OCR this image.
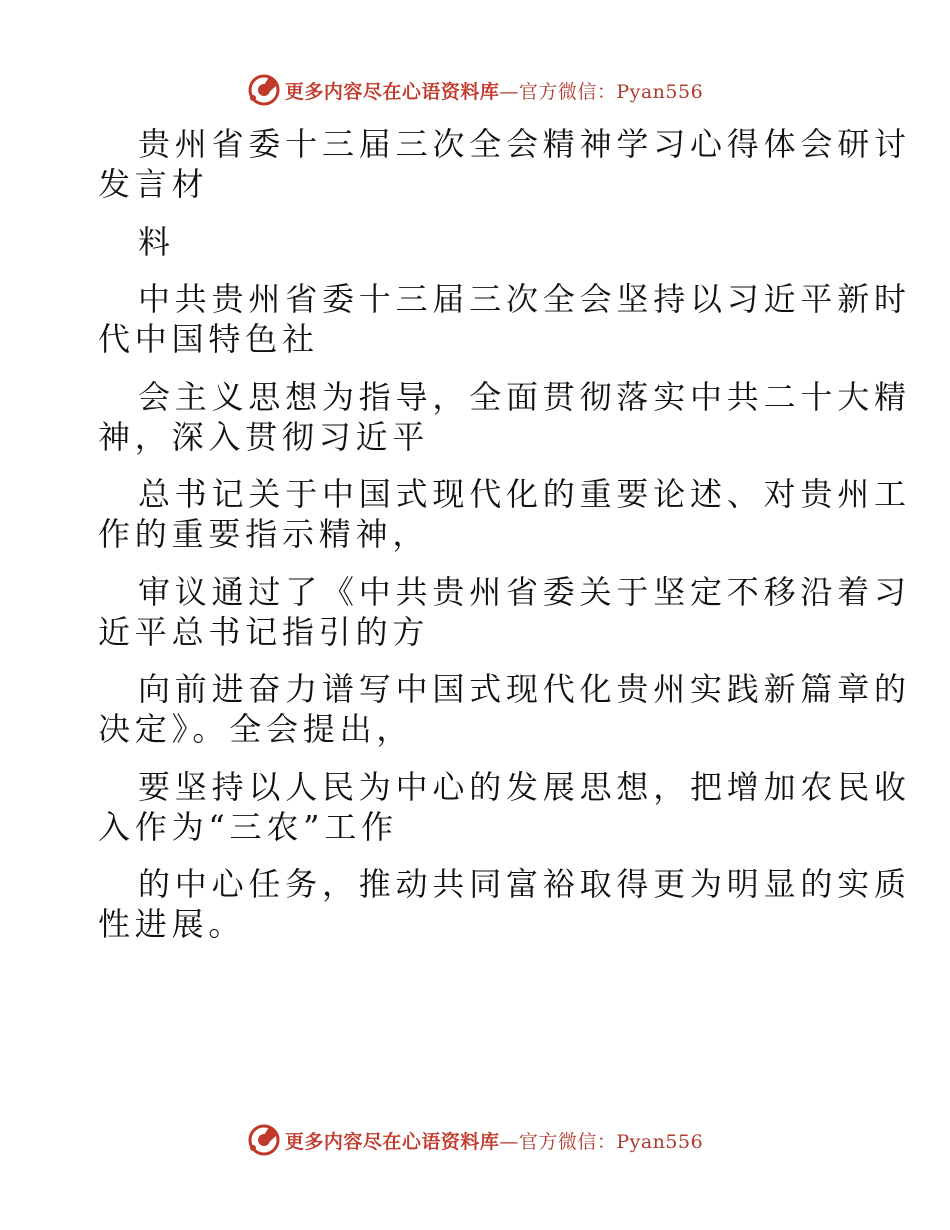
更多内容尽在心语资料库—官方微信：Pyan556
贵州省委十三届三次全会精神学习心得体会研讨
发言材
料
中共贵州省委十三届三次全会坚持以习近平新时
代中国特色社
会主义思想为指导，全面贯彻落实中共二十大精
神，深入贯彻习近平
总书记关于中国式现代化的重要论述、对贵州工
作的重要指示精神，
审议通过了《中共贵州省委关于坚定不移沿着习
近平总书记指引的方
向前进奋力谱写中国式现代化贵州实践新篇章的
决定》。全会提出，
要坚持以人民为中心的发展思想，把增加农民收
入作为“三农”工作
的中心任务，推动共同富裕取得更为明显的实质
性进展。
更多内容尽在心语资料库—官方微信：Pyan556
